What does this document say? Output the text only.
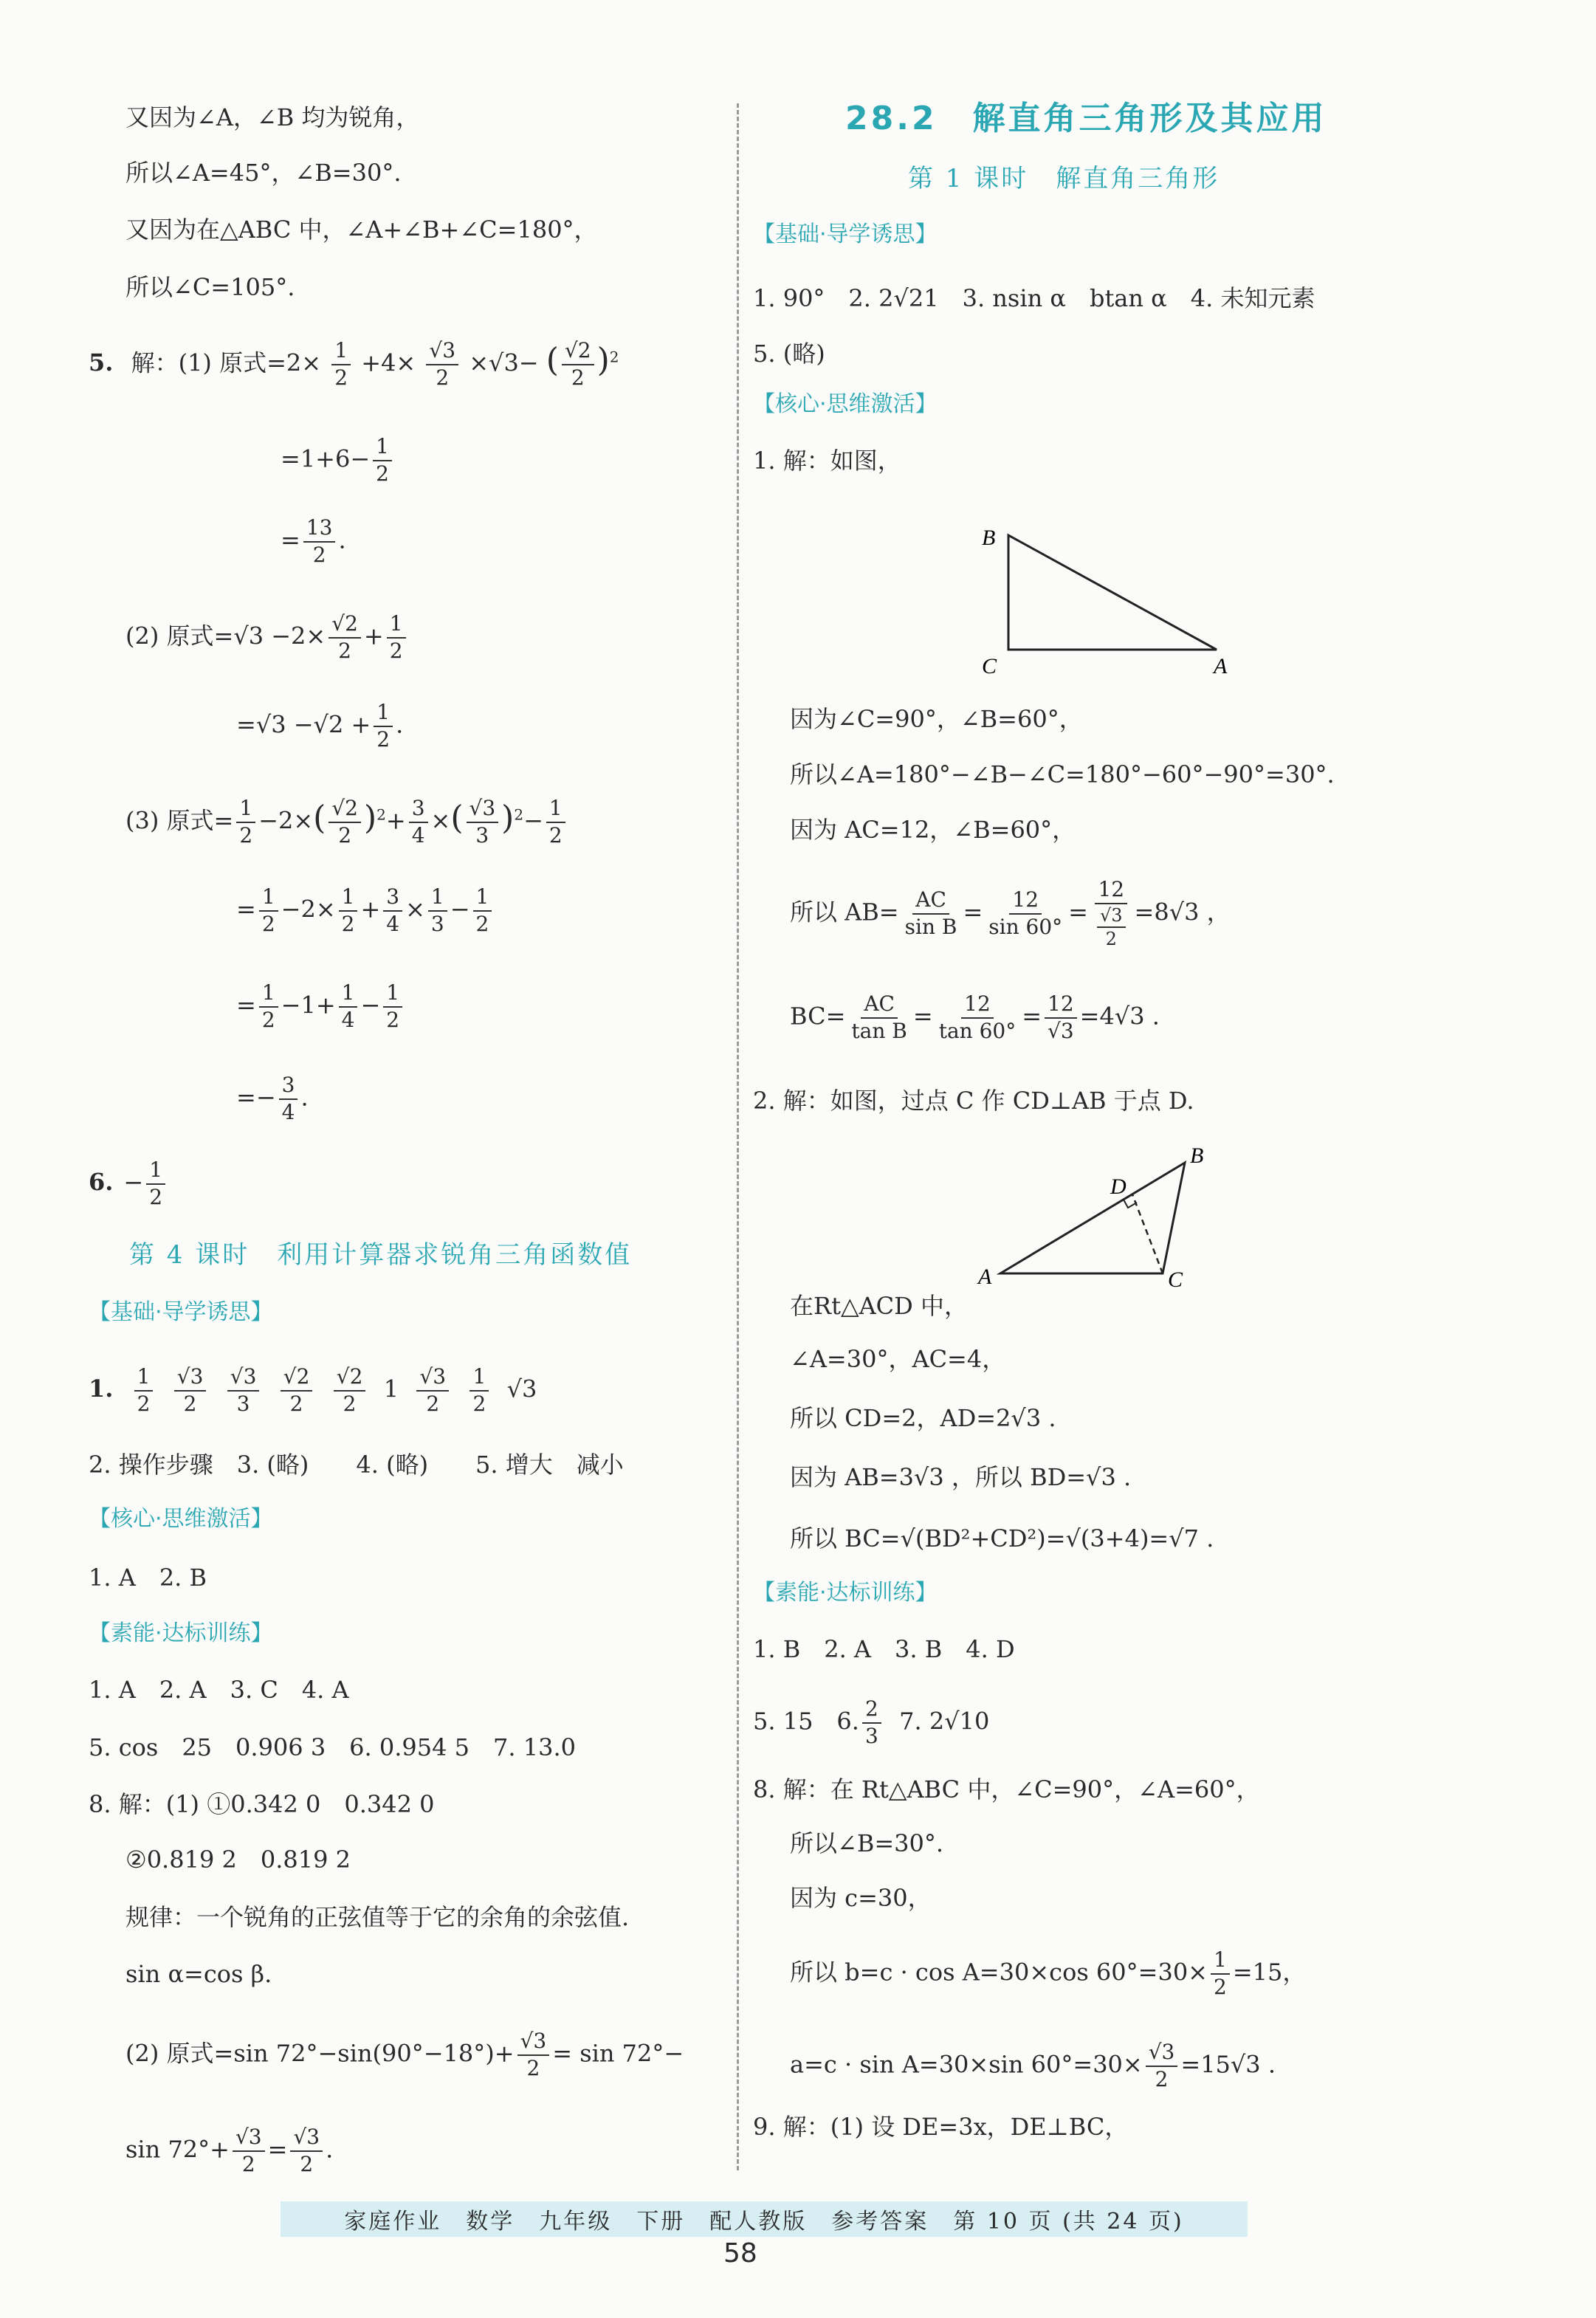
又因为∠A，∠B 均为锐角，
所以∠A=45°，∠B=30°.
又因为在△ABC 中，∠A+∠B+∠C=180°，
所以∠C=105°.
5. 解：(1) 原式$=2\times \frac{1}{2} +4\times \frac{√3}{2} \times√3-$ ( $\frac{√2}{2} )^2$
$=1+6- \frac{1}{2}$
= $\frac{13}{2}$ .
(2) 原式$=√3 -2\times \frac{√2}{2} + \frac{1}{2}$
$=√3 -√2 + \frac{1}{2}$ .
(3) 原式= $\frac{1}{2} -2\times( \frac{√2}{2} )^2+ \frac{3}{4}$ ×( $\frac{√3}{3} )^2- \frac{1}{2}$
= $\frac{1}{2} -2\times \frac{1}{2} + \frac{3}{4} \times \frac{1}{3} - \frac{1}{2}$
= $\frac{1}{2} -1+ \frac{1}{4} - \frac{1}{2}$
=− $\frac{3}{4}$ .
6. − $\frac{1}{2}$
第 4 课时　利用计算器求锐角三角函数值
【基础·导学诱思】
1. $\frac{1}{2}$
$\frac{√3}{2}$
$\frac{√3}{3}$
$\frac{√2}{2}$
$\frac{√2}{2} 1 \frac{√3}{2}$
$\frac{1}{2} √3$
2. 操作步骤　3. (略)　　4. (略)　　5. 增大　减小
【核心·思维激活】
1. A　2. B
【素能·达标训练】
1. A　2. A　3. C　4. A
5. cos　25　0.906 3　6. 0.954 5　7. 13.0
8. 解：(1) ①0.342 0　0.342 0
②0.819 2　0.819 2
规律：一个锐角的正弦值等于它的余角的余弦值.
sin α=cos β.
(2) 原式=sin $72^\circ-\sin(90^\circ-18^\circ)+ \frac{√3}{2} = \sin 72^\circ-$
$\sin 72^\circ+ \frac{√3}{2} = \frac{√3}{2}$ .
28.2　解直角三角形及其应用
第 1 课时　解直角三角形
【基础·导学诱思】
1. 90°　2. 2√21　3. nsin α　btan α　4. 未知元素
5. (略)
【核心·思维激活】
1. 解：如图，
B
C	A
因为∠C=90°，∠B=60°，
所以∠A=180°−∠B−∠C=180°−60°−90°=30°.
因为 AC=12，∠B=60°，
所以 $AB= \frac{AC}{\text{sin B}} = \frac{12}{\sin 60^\circ} = \frac{12}{\frac{√3}{2}} =8√3$ ，
$BC= \frac{AC}{\text{tan B}} = \frac{12}{\tan 60^\circ} = \frac{12}{√3} =4√3$ .
2. 解：如图，过点 C 作 CD⊥AB 于点 D.
A
B
C
D
在Rt△ACD 中，
∠A=30°，AC=4，
所以 CD=2，AD=2√3 .
因为 AB=3√3 ，所以 BD=√3 .
所以 BC=√(BD²+CD²)=√(3+4)=√7 .
【素能·达标训练】
1. B　2. A　3. B　4. D
5. 15　6. $\frac{2}{3} 7$. 2√10
8. 解：在 Rt△ABC 中，∠C=90°，∠A=60°，
所以∠B=30°.
因为 c=30，
所以 b=c · cos A=30×cos $60^\circ=30\times \frac{1}{2} =15$，
a=c · sin A=30×sin $60^\circ=30\times \frac{√3}{2} =15√3$ .
9. 解：(1) 设 DE=3x，DE⊥BC，
家庭作业　数学　九年级　下册　配人教版　参考答案　第 10 页 (共 24 页)
58
